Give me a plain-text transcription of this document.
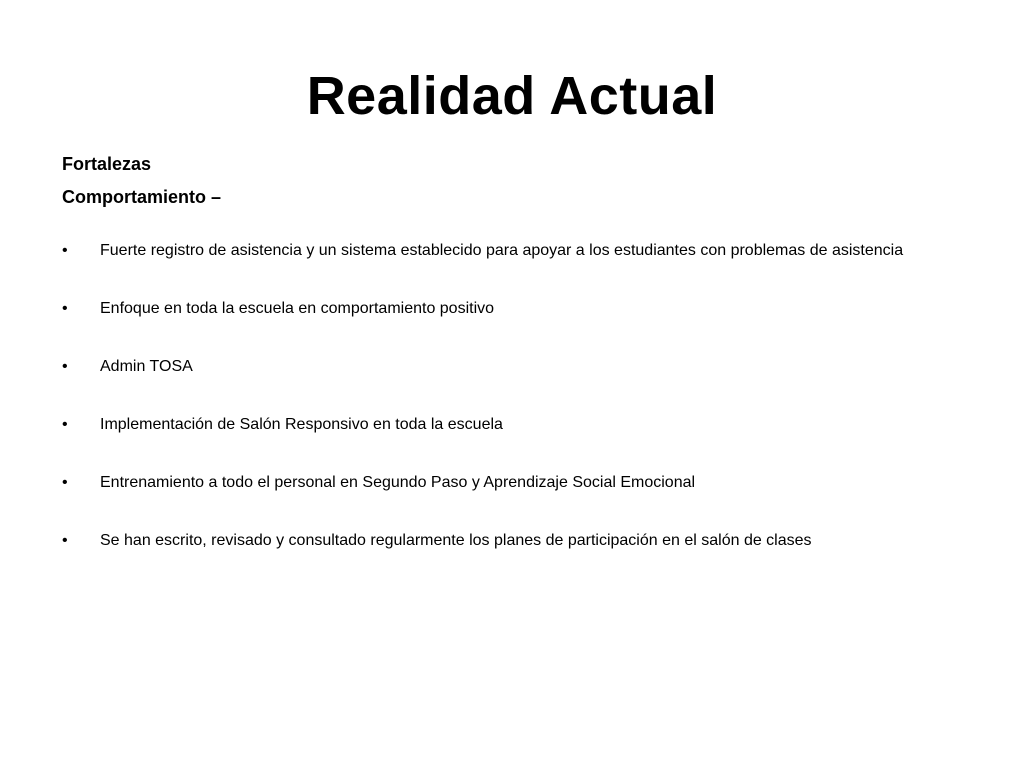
Realidad Actual

Fortalezas

Comportamiento –

• Fuerte registro de asistencia y un sistema establecido para apoyar a los estudiantes con problemas de asistencia
• Enfoque en toda la escuela en comportamiento positivo
• Admin TOSA
• Implementación de Salón Responsivo en toda la escuela
• Entrenamiento a todo el personal en Segundo Paso y Aprendizaje Social Emocional
• Se han escrito, revisado y consultado regularmente los planes de participación en el salón de clases
